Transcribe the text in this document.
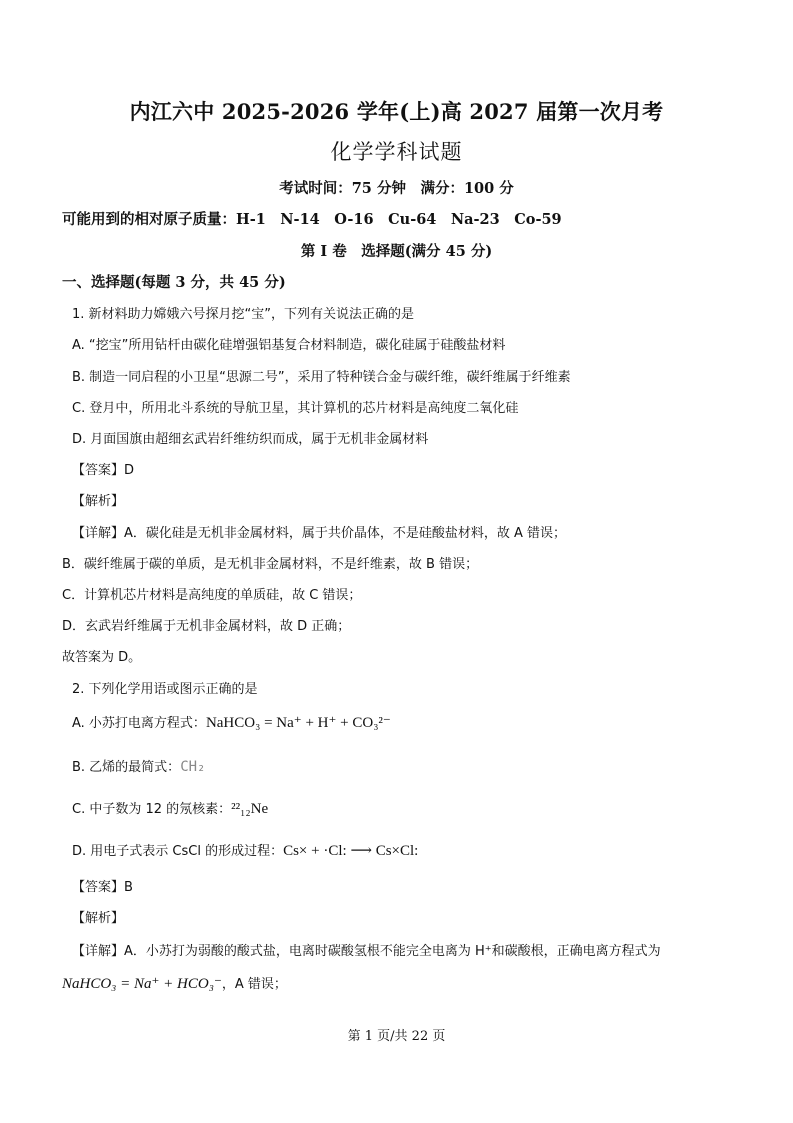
内江六中 2025-2026 学年(上)高 2027 届第一次月考
化学学科试题
考试时间：75 分钟　满分：100 分
可能用到的相对原子质量：H-1　N-14　O-16　Cu-64　Na-23　Co-59
第 I 卷　选择题(满分 45 分)
一、选择题(每题 3 分，共 45 分)
1. 新材料助力嫦娥六号探月挖“宝”，下列有关说法正确的是
A. “挖宝”所用钻杆由碳化硅增强铝基复合材料制造，碳化硅属于硅酸盐材料
B. 制造一同启程的小卫星“思源二号”，采用了特种镁合金与碳纤维，碳纤维属于纤维素
C. 登月中，所用北斗系统的导航卫星，其计算机的芯片材料是高纯度二氧化硅
D. 月面国旗由超细玄武岩纤维纺织而成，属于无机非金属材料
【答案】D
【解析】
【详解】A．碳化硅是无机非金属材料，属于共价晶体，不是硅酸盐材料，故 A 错误；
B．碳纤维属于碳的单质，是无机非金属材料，不是纤维素，故 B 错误；
C．计算机芯片材料是高纯度的单质硅，故 C 错误；
D．玄武岩纤维属于无机非金属材料，故 D 正确；
故答案为 D。
2. 下列化学用语或图示正确的是
A. 小苏打电离方程式：NaHCO₃ = Na⁺ + H⁺ + CO₃²⁻
B. 乙烯的最简式：CH₂
C. 中子数为 12 的氖核素：²²₁₂Ne
D. 用电子式表示 CsCl 的形成过程：Cs× + ·Cl: ⟶ Cs×Cl:
【答案】B
【解析】
【详解】A．小苏打为弱酸的酸式盐，电离时碳酸氢根不能完全电离为 H⁺和碳酸根，正确电离方程式为
NaHCO₃ = Na⁺ + HCO₃⁻，A 错误；
第 1 页/共 22 页
